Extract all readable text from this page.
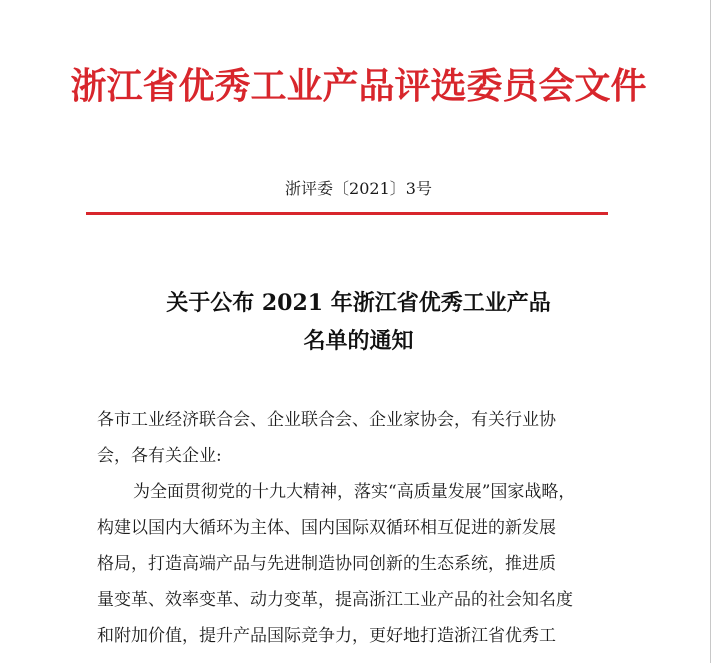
浙江省优秀工业产品评选委员会文件
浙评委〔2021〕3号
关于公布 2021 年浙江省优秀工业产品
名单的通知
各市工业经济联合会、企业联合会、企业家协会，有关行业协
会，各有关企业:
为全面贯彻党的十九大精神，落实“高质量发展”国家战略，
构建以国内大循环为主体、国内国际双循环相互促进的新发展
格局，打造高端产品与先进制造协同创新的生态系统，推进质
量变革、效率变革、动力变革，提高浙江工业产品的社会知名度
和附加价值，提升产品国际竞争力，更好地打造浙江省优秀工
